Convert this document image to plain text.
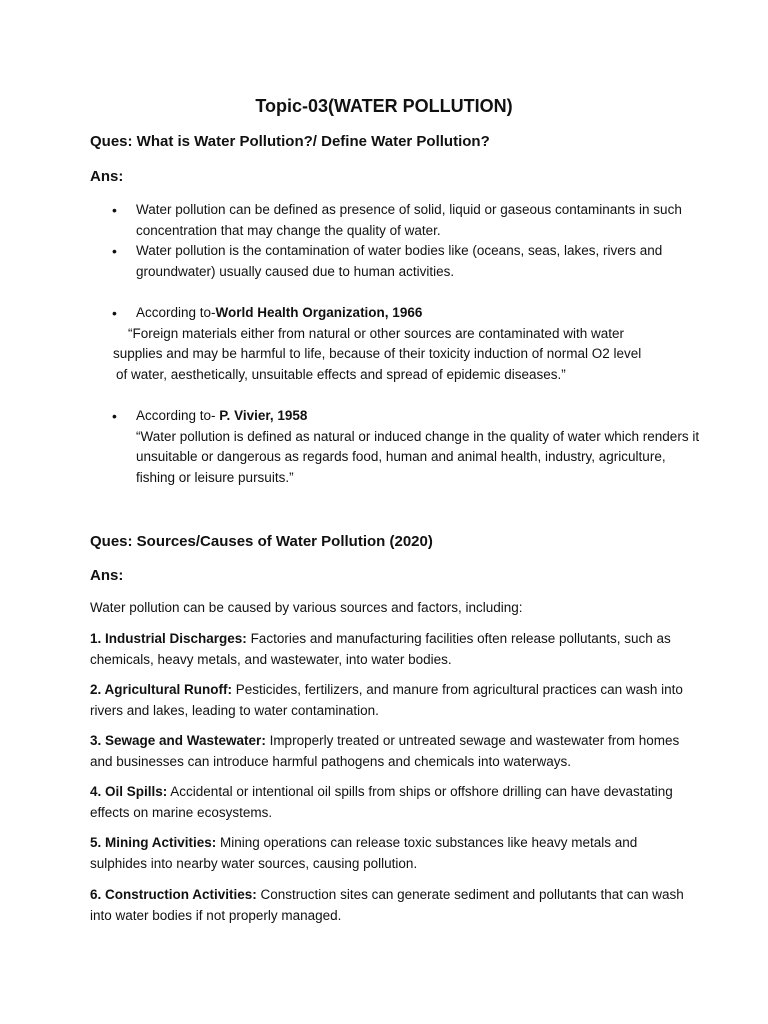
Topic-03(WATER POLLUTION)
Ques: What is Water Pollution?/ Define Water Pollution?
Ans:
• Water pollution can be defined as presence of solid, liquid or gaseous contaminants in such concentration that may change the quality of water.
• Water pollution is the contamination of water bodies like (oceans, seas, lakes, rivers and groundwater) usually caused due to human activities.
• According to-World Health Organization, 1966
“Foreign materials either from natural or other sources are contaminated with water
supplies and may be harmful to life, because of their toxicity induction of normal O2 level
of water, aesthetically, unsuitable effects and spread of epidemic diseases.”
• According to- P. Vivier, 1958
“Water pollution is defined as natural or induced change in the quality of water which renders it unsuitable or dangerous as regards food, human and animal health, industry, agriculture, fishing or leisure pursuits.”
Ques: Sources/Causes of Water Pollution (2020)
Ans:
Water pollution can be caused by various sources and factors, including:
1. Industrial Discharges: Factories and manufacturing facilities often release pollutants, such as chemicals, heavy metals, and wastewater, into water bodies.
2. Agricultural Runoff: Pesticides, fertilizers, and manure from agricultural practices can wash into rivers and lakes, leading to water contamination.
3. Sewage and Wastewater: Improperly treated or untreated sewage and wastewater from homes and businesses can introduce harmful pathogens and chemicals into waterways.
4. Oil Spills: Accidental or intentional oil spills from ships or offshore drilling can have devastating effects on marine ecosystems.
5. Mining Activities: Mining operations can release toxic substances like heavy metals and sulphides into nearby water sources, causing pollution.
6. Construction Activities: Construction sites can generate sediment and pollutants that can wash into water bodies if not properly managed.
